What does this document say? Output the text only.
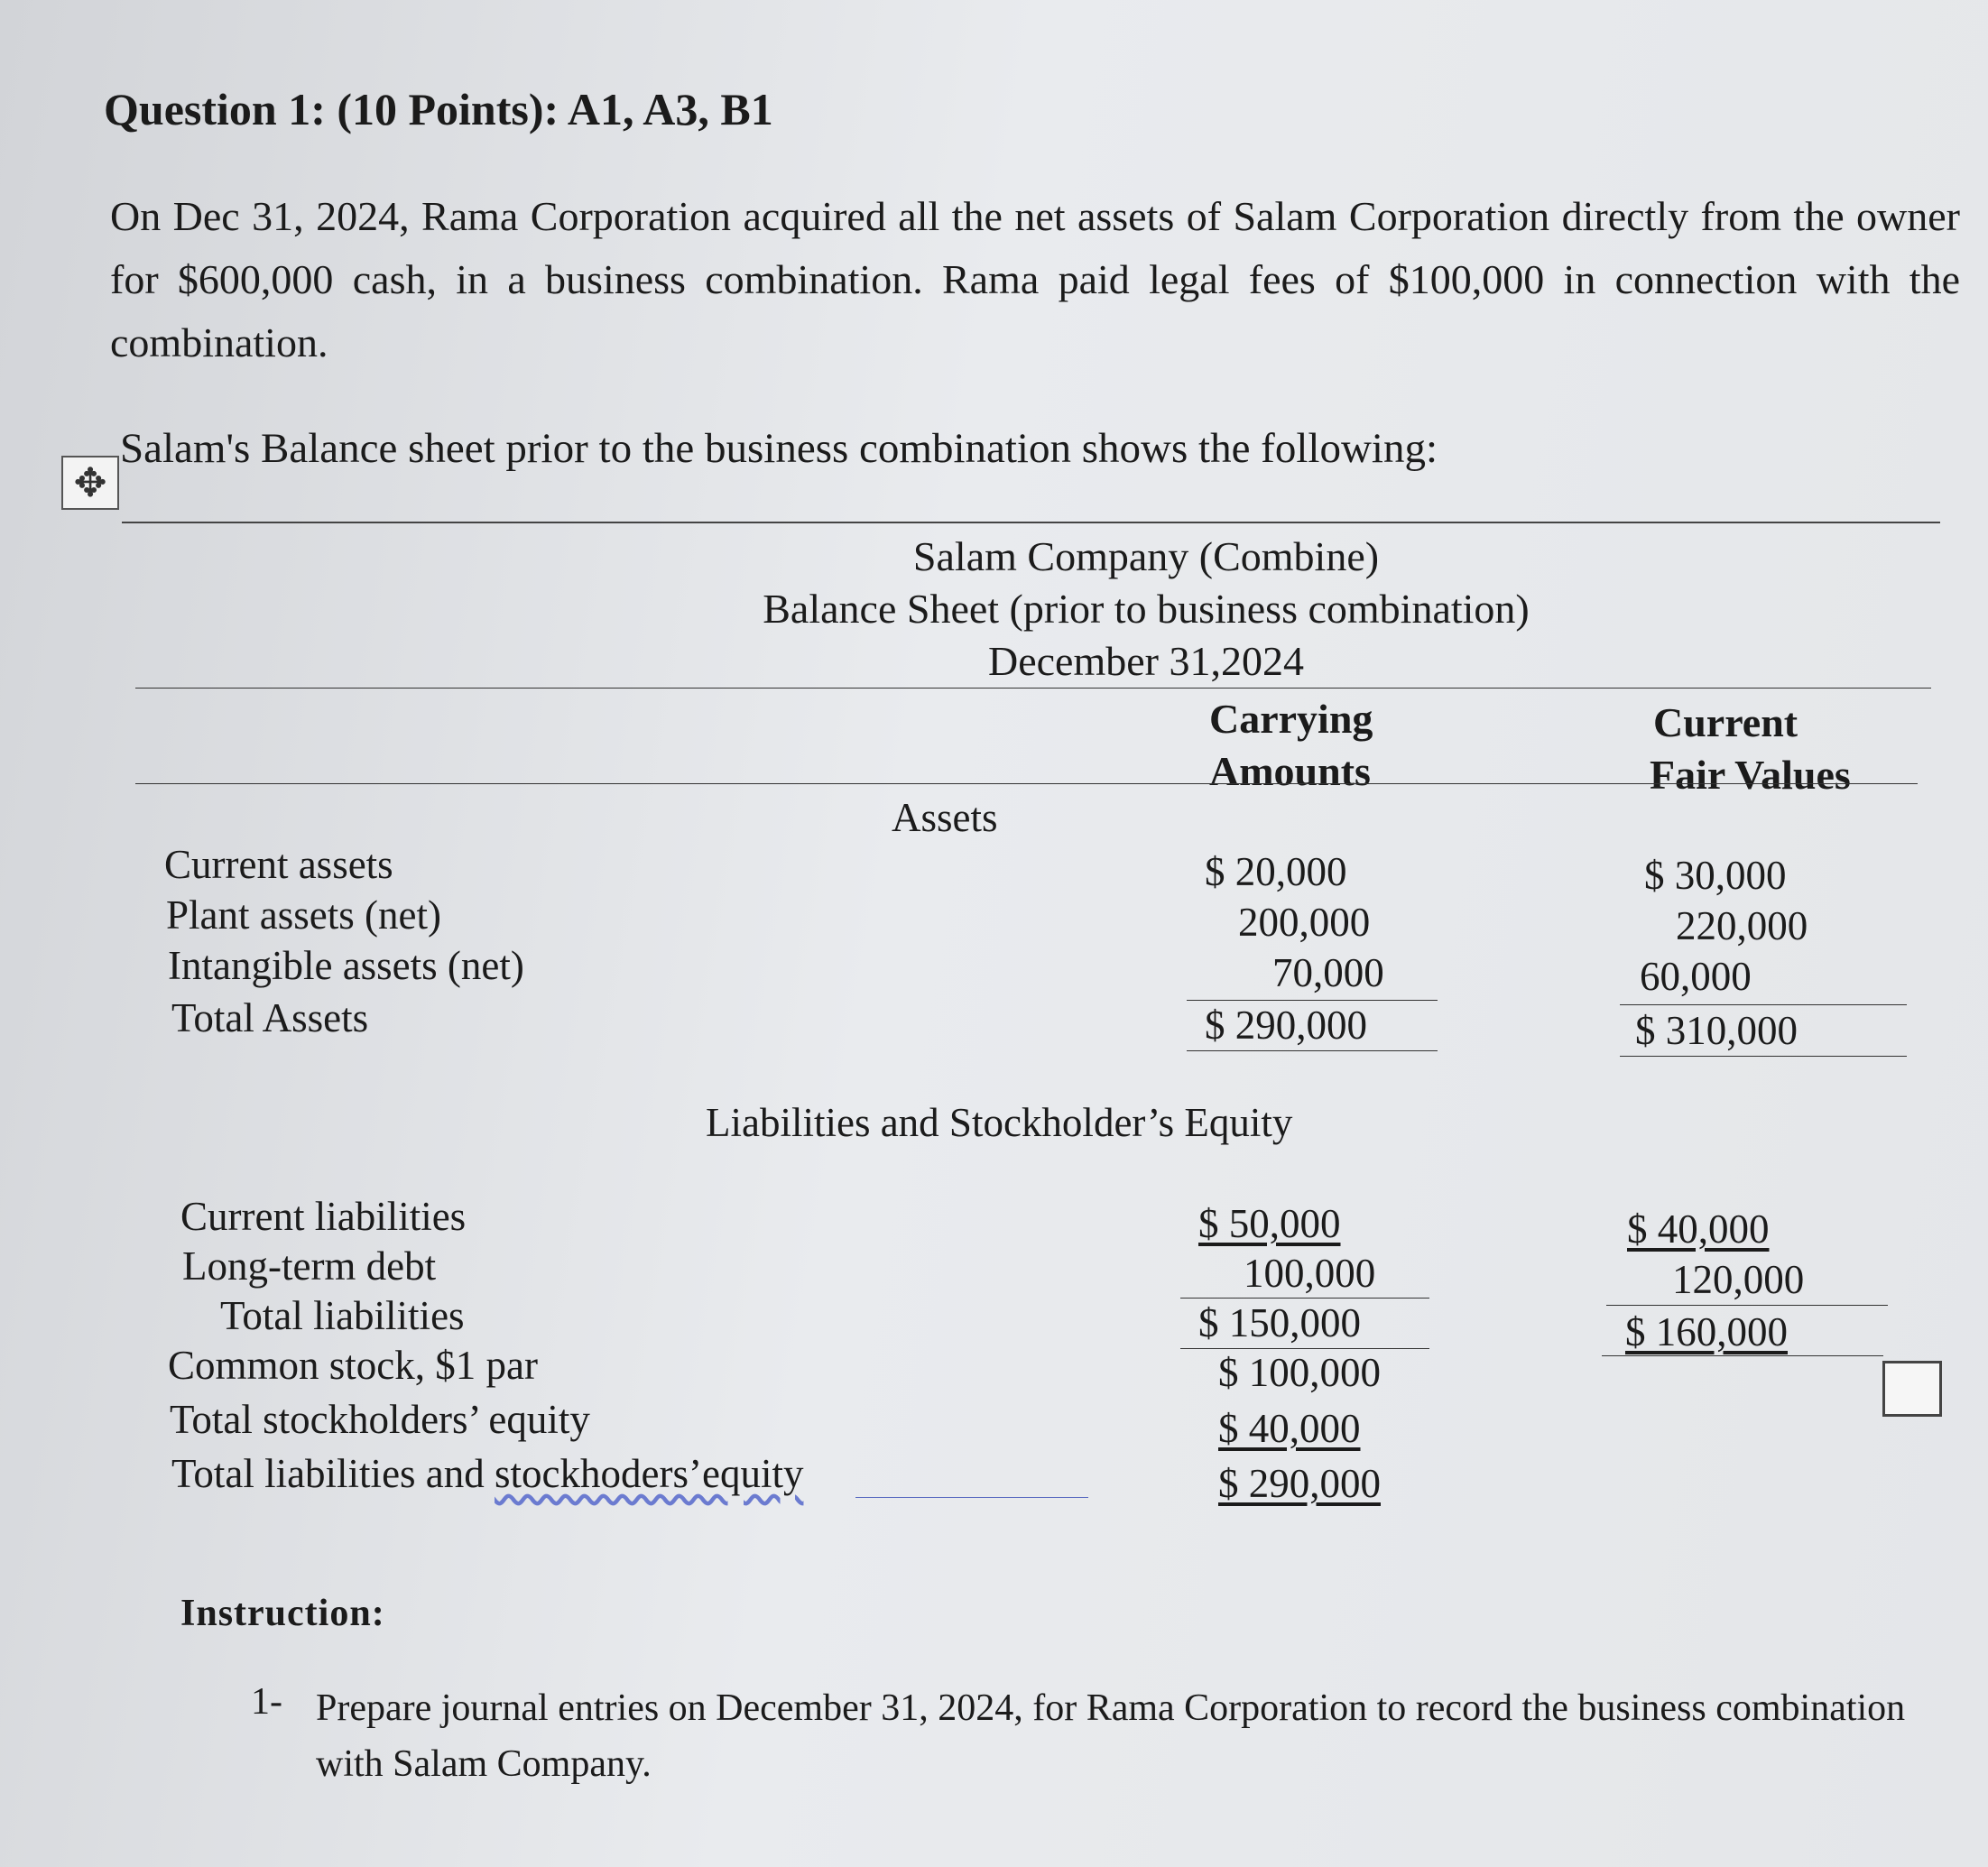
Question 1: (10 Points): A1, A3, B1
On Dec 31, 2024, Rama Corporation acquired all the net assets of Salam Corporation directly from the owner for $600,000 cash, in a business combination. Rama paid legal fees of $100,000 in connection with the combination.
✥
Salam's Balance sheet prior to the business combination shows the following:
Salam Company (Combine)
Balance Sheet (prior to business combination)
December 31,2024
Carrying
Amounts
Current
Fair Values
Assets
Current assets
Plant assets (net)
Intangible assets (net)
Total Assets
$ 20,000
200,000
70,000
$ 290,000
$ 30,000
220,000
60,000
$ 310,000
Liabilities and Stockholder’s Equity
Current liabilities
Long-term debt
Total liabilities
Common stock, $1 par
Total stockholders’ equity
Total liabilities and stockhoders’equity
$ 50,000
100,000
$ 150,000
$ 100,000
$ 40,000
$ 290,000
$ 40,000
120,000
$ 160,000
Instruction:
1- Prepare journal entries on December 31, 2024, for Rama Corporation to record the business combination with Salam Company.
